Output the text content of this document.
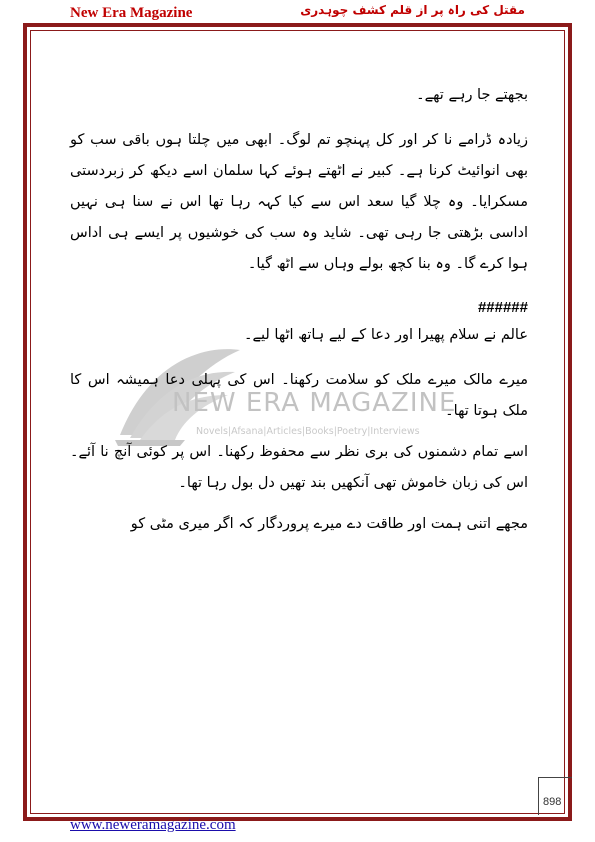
New Era Magazine	مقتل کی راہ پر از قلم کشف چوہدری
NEW ERA MAGAZINE
Novels|Afsana|Articles|Books|Poetry|Interviews

بجھتے جا رہے تھے۔

زیادہ ڈرامے نا کر اور کل پہنچو تم لوگ۔ ابھی میں چلتا ہوں باقی سب کو بھی انوائیٹ کرنا ہے۔ کبیر نے اٹھتے ہوئے کہا سلمان اسے دیکھ کر زبردستی مسکرایا۔ وہ چلا گیا سعد اس سے کیا کہہ رہا تھا اس نے سنا ہی نہیں اداسی بڑھتی جا رہی تھی۔ شاید وہ سب کی خوشیوں پر ایسے ہی اداس ہوا کرے گا۔ وہ بنا کچھ بولے وہاں سے اٹھ گیا۔

######

عالم نے سلام پھیرا اور دعا کے لیے ہاتھ اٹھا لیے۔

میرے مالک میرے ملک کو سلامت رکھنا۔ اس کی پہلی دعا ہمیشہ اس کا ملک ہوتا تھا۔

اسے تمام دشمنوں کی بری نظر سے محفوظ رکھنا۔ اس پر کوئی آنچ نا آئے۔ اس کی زبان خاموش تھی آنکھیں بند تھیں دل بول رہا تھا۔

مجھے اتنی ہمت اور طاقت دے میرے پروردگار کہ اگر میری مٹی کو

898
www.neweramagazine.com
